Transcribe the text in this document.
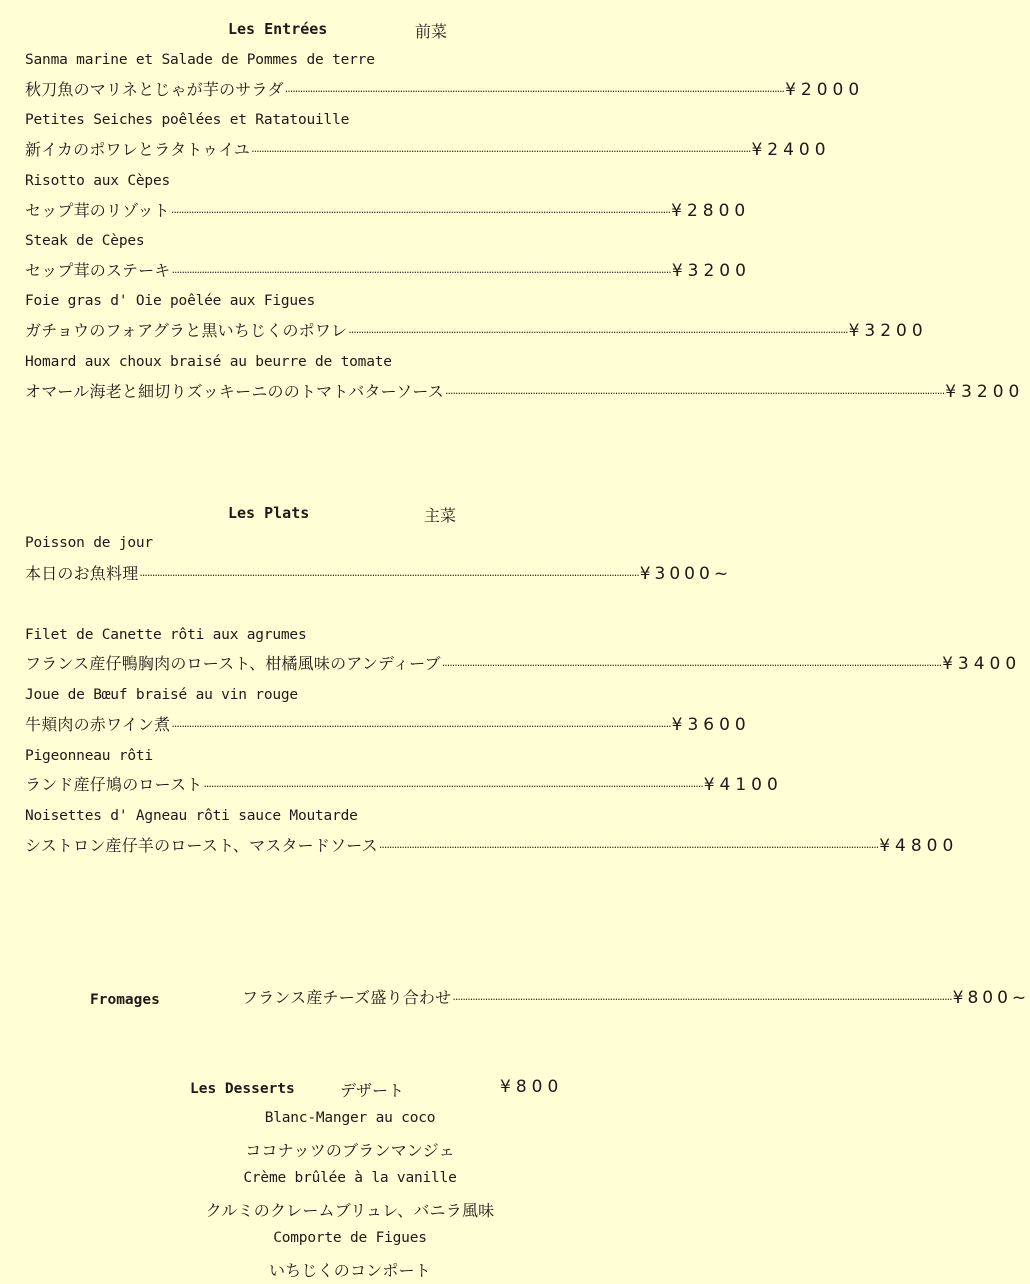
Les Entrées	前菜
Sanma marine et Salade de Pommes de terre
秋刀魚のマリネとじゃが芋のサラダ ········································································································································································································ ¥2000
Petites Seiches poêlées et Ratatouille
新イカのポワレとラタトゥイユ ········································································································································································································ ¥2400
Risotto aux Cèpes
セップ茸のリゾット ········································································································································································································ ¥2800
Steak de Cèpes
セップ茸のステーキ ········································································································································································································ ¥3200
Foie gras d' Oie poêlée aux Figues
ガチョウのフォアグラと黒いちじくのポワレ ········································································································································································································ ¥3200
Homard aux choux braisé au beurre de tomate
オマール海老と細切りズッキーニののトマトバターソース ········································································································································································································ ¥3200
Les Plats	主菜
Poisson de jour
本日のお魚料理 ········································································································································································································ ¥3000~
Filet de Canette rôti aux agrumes
フランス産仔鴨胸肉のロースト、柑橘風味のアンディーブ ········································································································································································································ ¥3400
Joue de Bœuf braisé au vin rouge
牛頬肉の赤ワイン煮 ········································································································································································································ ¥3600
Pigeonneau rôti
ランド産仔鳩のロースト ········································································································································································································ ¥4100
Noisettes d' Agneau rôti sauce Moutarde
シストロン産仔羊のロースト、マスタードソース ········································································································································································································ ¥4800
Fromages	フランス産チーズ盛り合わせ ········································································································································································································ ¥800~
Les Desserts	デザート	¥800
Blanc-Manger au coco
ココナッツのブランマンジェ
Crème brûlée à la vanille
クルミのクレームブリュレ、バニラ風味
Comporte de Figues
いちじくのコンポート
